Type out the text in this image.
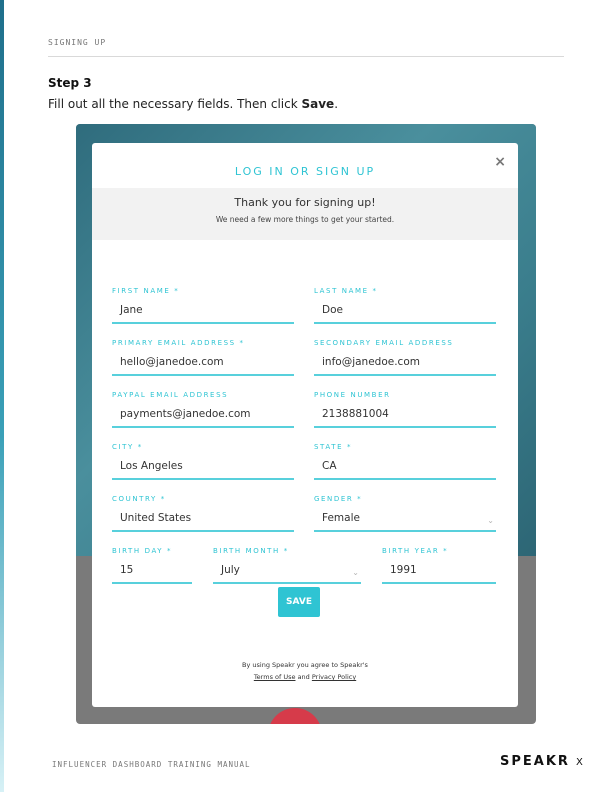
SIGNING UP
Step 3
Fill out all the necessary fields. Then click Save.
×
LOG IN OR SIGN UP
Thank you for signing up!
We need a few more things to get your started.
FIRST NAME *
Jane
LAST NAME *
Doe
PRIMARY EMAIL ADDRESS *
hello@janedoe.com
SECONDARY EMAIL ADDRESS
info@janedoe.com
PAYPAL EMAIL ADDRESS
payments@janedoe.com
PHONE NUMBER
2138881004
CITY *
Los Angeles
STATE *
CA
COUNTRY *
United States
GENDER *
Female	⌄
BIRTH DAY *
15
BIRTH MONTH *
July	⌄
BIRTH YEAR *
1991
SAVE
By using Speakr you agree to Speakr's
Terms of Use and Privacy Policy
INFLUENCER DASHBOARD TRAINING MANUAL	SPEAKR X
